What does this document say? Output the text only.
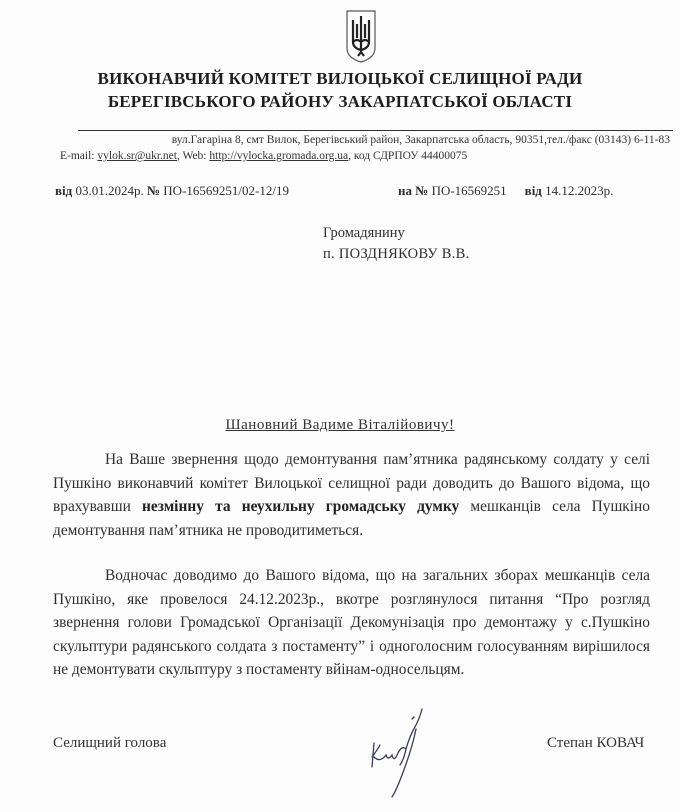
ВИКОНАВЧИЙ КОМІТЕТ ВИЛОЦЬКОЇ СЕЛИЩНОЇ РАДИ
БЕРЕГІВСЬКОГО РАЙОНУ ЗАКАРПАТСЬКОЇ ОБЛАСТІ
вул.Гагаріна 8, смт Вилок, Берегівський район, Закарпатська область, 90351,тел./факс (03143) 6-11-83
E-mail: vylok.sr@ukr.net, Web: http://vylocka.gromada.org.ua, код СДРПОУ 44400075
від 03.01.2024р. № ПО-16569251/02-12/19	на № ПО-16569251 від 14.12.2023р.
Громадянину
п. ПОЗДНЯКОВУ В.В.
Шановний Вадиме Віталійовичу!
На Ваше звернення щодо демонтування пам’ятника радянському солдату у селі Пушкіно виконавчий комітет Вилоцької селищної ради доводить до Вашого відома, що врахувавши незмінну та неухильну громадську думку мешканців села Пушкіно демонтування пам’ятника не проводитиметься.
Водночас доводимо до Вашого відома, що на загальних зборах мешканців села Пушкіно, яке провелося 24.12.2023р., вкотре розглянулося питання “Про розгляд звернення голови Громадської Організації Декомунізація про демонтажу у с.Пушкіно скульптури радянського солдата з постаменту” і одноголосним голосуванням вирішилося не демонтувати скульптуру з постаменту вйінам-односельцям.
Селищний голова	Степан КОВАЧ
